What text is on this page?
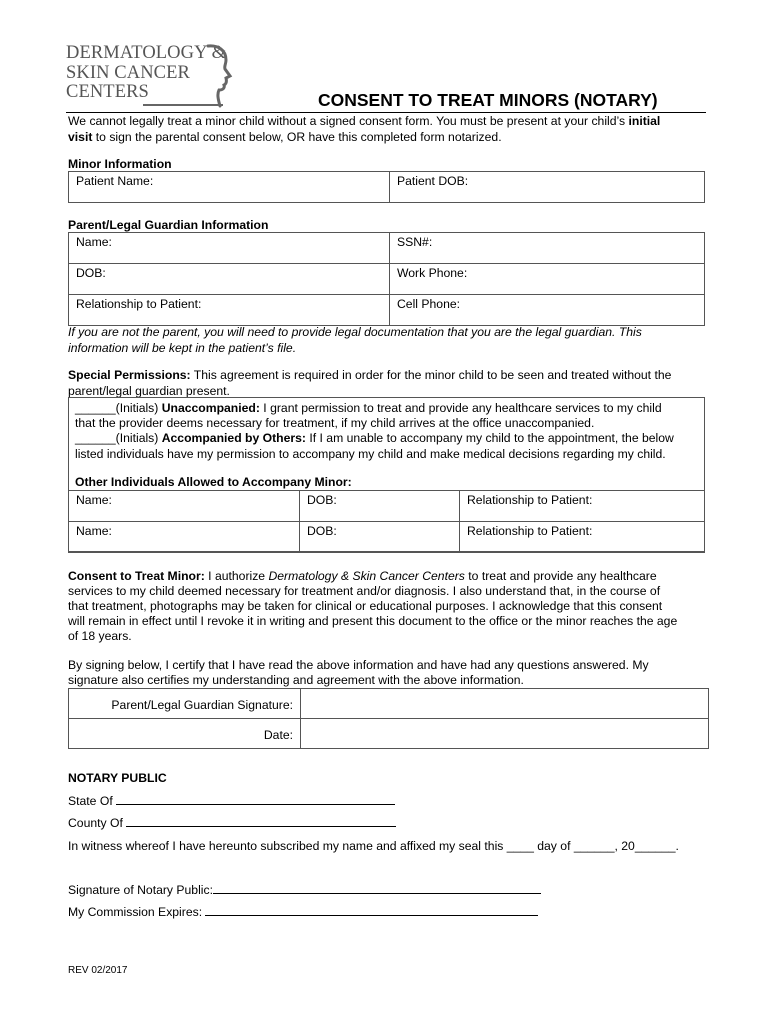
DERMATOLOGY &
SKIN CANCER
CENTERS	CONSENT TO TREAT MINORS (NOTARY)
We cannot legally treat a minor child without a signed consent form. You must be present at your child’s initial
visit to sign the parental consent below, OR have this completed form notarized.
Minor Information
Patient Name:	Patient DOB:
Parent/Legal Guardian Information
Name:	SSN#:
DOB:	Work Phone:
Relationship to Patient:	Cell Phone:
If you are not the parent, you will need to provide legal documentation that you are the legal guardian. This
information will be kept in the patient’s file.
Special Permissions: This agreement is required in order for the minor child to be seen and treated without the
parent/legal guardian present.
______(Initials) Unaccompanied: I grant permission to treat and provide any healthcare services to my child
that the provider deems necessary for treatment, if my child arrives at the office unaccompanied.
______(Initials) Accompanied by Others: If I am unable to accompany my child to the appointment, the below
listed individuals have my permission to accompany my child and make medical decisions regarding my child.
Other Individuals Allowed to Accompany Minor:
Name:	DOB:	Relationship to Patient:
Name:	DOB:	Relationship to Patient:
Consent to Treat Minor: I authorize Dermatology & Skin Cancer Centers to treat and provide any healthcare
services to my child deemed necessary for treatment and/or diagnosis. I also understand that, in the course of
that treatment, photographs may be taken for clinical or educational purposes. I acknowledge that this consent
will remain in effect until I revoke it in writing and present this document to the office or the minor reaches the age
of 18 years.
By signing below, I certify that I have read the above information and have had any questions answered. My
signature also certifies my understanding and agreement with the above information.
Parent/Legal Guardian Signature:	
Date:	
NOTARY PUBLIC
State Of
County Of
In witness whereof I have hereunto subscribed my name and affixed my seal this ____ day of ______, 20______.
Signature of Notary Public:
My Commission Expires:
REV 02/2017
